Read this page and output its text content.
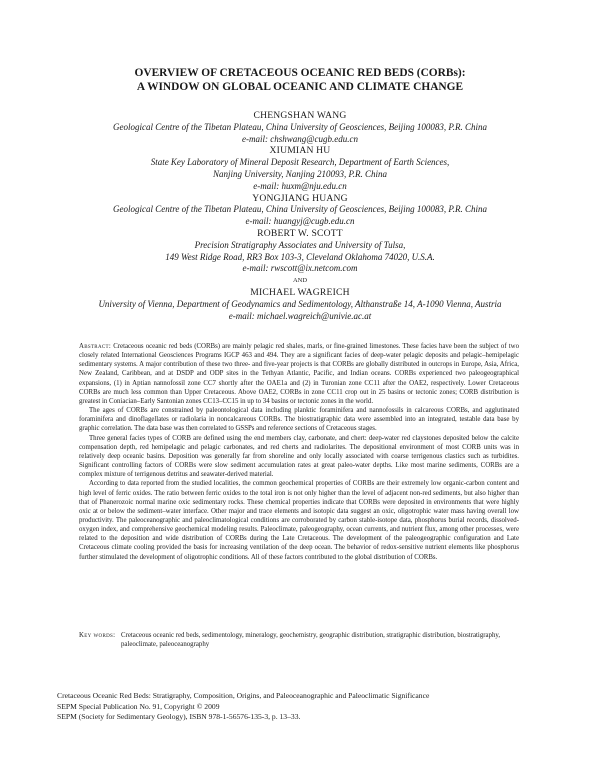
OVERVIEW OF CRETACEOUS OCEANIC RED BEDS (CORBs):
A WINDOW ON GLOBAL OCEANIC AND CLIMATE CHANGE
CHENGSHAN WANG
Geological Centre of the Tibetan Plateau, China University of Geosciences, Beijing 100083, P.R. China
e-mail: chshwang@cugb.edu.cn
XIUMIAN HU
State Key Laboratory of Mineral Deposit Research, Department of Earth Sciences,
Nanjing University, Nanjing 210093, P.R. China
e-mail: huxm@nju.edu.cn
YONGJIANG HUANG
Geological Centre of the Tibetan Plateau, China University of Geosciences, Beijing 100083, P.R. China
e-mail: huangyj@cugb.edu.cn
ROBERT W. SCOTT
Precision Stratigraphy Associates and University of Tulsa,
149 West Ridge Road, RR3 Box 103-3, Cleveland Oklahoma 74020, U.S.A.
e-mail: rwscott@ix.netcom.com
AND
MICHAEL WAGREICH
University of Vienna, Department of Geodynamics and Sedimentology, Althanstraße 14, A-1090 Vienna, Austria
e-mail: michael.wagreich@univie.ac.at

Abstract: Cretaceous oceanic red beds (CORBs) are mainly pelagic red shales, marls, or fine-grained limestones. These facies have been the subject of two closely related International Geosciences Programs IGCP 463 and 494. They are a significant facies of deep-water pelagic deposits and pelagic–hemipelagic sedimentary systems. A major contribution of these two three- and five-year projects is that CORBs are globally distributed in outcrops in Europe, Asia, Africa, New Zealand, Caribbean, and at DSDP and ODP sites in the Tethyan Atlantic, Pacific, and Indian oceans. CORBs experienced two paleogeographical expansions, (1) in Aptian nannofossil zone CC7 shortly after the OAE1a and (2) in Turonian zone CC11 after the OAE2, respectively. Lower Cretaceous CORBs are much less common than Upper Cretaceous. Above OAE2, CORBs in zone CC11 crop out in 25 basins or tectonic zones; CORB distribution is greatest in Coniacian–Early Santonian zones CC13–CC15 in up to 34 basins or tectonic zones in the world.

The ages of CORBs are constrained by paleontological data including planktic foraminifera and nannofossils in calcareous CORBs, and agglutinated foraminifera and dinoflagellates or radiolaria in noncalcareous CORBs. The biostratigraphic data were assembled into an integrated, testable data base by graphic correlation. The data base was then correlated to GSSPs and reference sections of Cretaceous stages.

Three general facies types of CORB are defined using the end members clay, carbonate, and chert: deep-water red claystones deposited below the calcite compensation depth, red hemipelagic and pelagic carbonates, and red cherts and radiolarites. The depositional environment of most CORB units was in relatively deep oceanic basins. Deposition was generally far from shoreline and only locally associated with coarse terrigenous clastics such as turbidites. Significant controlling factors of CORBs were slow sediment accumulation rates at great paleo-water depths. Like most marine sediments, CORBs are a complex mixture of terrigenous detritus and seawater-derived material.

According to data reported from the studied localities, the common geochemical properties of CORBs are their extremely low organic-carbon content and high level of ferric oxides. The ratio between ferric oxides to the total iron is not only higher than the level of adjacent non-red sediments, but also higher than that of Phanerozoic normal marine oxic sedimentary rocks. These chemical properties indicate that CORBs were deposited in environments that were highly oxic at or below the sediment–water interface. Other major and trace elements and isotopic data suggest an oxic, oligotrophic water mass having overall low productivity. The paleoceanographic and paleoclimatological conditions are corroborated by carbon stable-isotope data, phosphorus burial records, dissolved-oxygen index, and comprehensive geochemical modeling results. Paleoclimate, paleogeography, ocean currents, and nutrient flux, among other processes, were related to the deposition and wide distribution of CORBs during the Late Cretaceous. The development of the paleogeographic configuration and Late Cretaceous climate cooling provided the basis for increasing ventilation of the deep ocean. The behavior of redox-sensitive nutrient elements like phosphorus further stimulated the development of oligotrophic conditions. All of these factors contributed to the global distribution of CORBs.

Key words: Cretaceous oceanic red beds, sedimentology, mineralogy, geochemistry, geographic distribution, stratigraphic distribution, biostratigraphy, paleoclimate, paleoceanography
Cretaceous Oceanic Red Beds: Stratigraphy, Composition, Origins, and Paleoceanographic and Paleoclimatic Significance
SEPM Special Publication No. 91, Copyright © 2009
SEPM (Society for Sedimentary Geology), ISBN 978-1-56576-135-3, p. 13–33.
